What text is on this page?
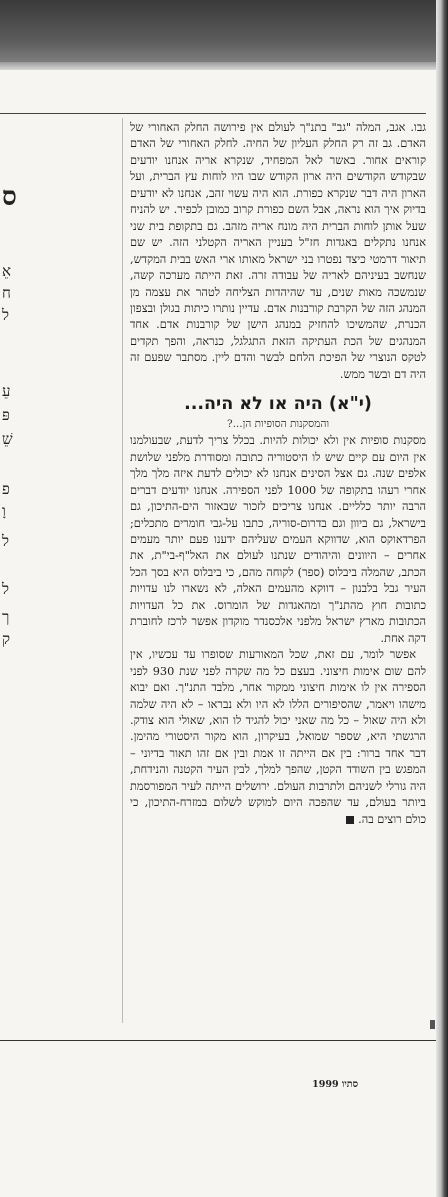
ס
אֵ
ח
ל
עֵ
פּ
שֵׁ
פ
וָ
ל
ל
ך
ק

גבו. אגב, המלה "גב" בתנ"ך לעולם אין פירושה החלק האחורי של האדם. גב זה רק החלק העליון של החיה. לחלק האחורי של האדם קוראים אחור. באשר לאל המפחיד, שנקרא אריה אנחנו יודעים שבקודש הקודשים היה ארון הקודש שבו היו לוחות עץ הברית, ועל הארון היה דבר שנקרא כפורת. הוא היה עשוי זהב, אנחנו לא יודעים בדיוק איך הוא נראה, אבל השם כפורת קרוב כמובן לכפיר. יש להניח שעל אותן לוחות הברית היה מונח אריה מזהב. גם בתקופת בית שני אנחנו נתקלים באגדות חז"ל בעניין האריה הקטלני הזה. יש שם תיאור דרמטי כיצד נפטרו בני ישראל מאותו ארי האש בבית המקדש, שנחשב בעיניהם לאריה של עבודה זרה. זאת הייתה מערכה קשה, שנמשכה מאות שנים, עד שהיהדות הצליחה לטהר את עצמה מן המנהג הזה של הקרבת קורבנות אדם. עדיין נותרו כיתות בגולן ובצפון הכנרת, שהמשיכו להחזיק במנהג הישן של קורבנות אדם. אחד המנהגים של הכת העתיקה הזאת התגלגל, כנראה, והפך תקדים לטקס הנוצרי של הפיכת הלחם לבשר והדם ליין. מסתבר שפעם זה היה דם ובשר ממש.

(י"א) היה או לא היה...
והמסקנות הסופיות הן...?

מסקנות סופיות אין ולא יכולות להיות. בכלל צריך לדעת, שבעולמנו אין היום עם קיים שיש לו היסטוריה כתובה ומסודרת מלפני שלושת אלפים שנה. גם אצל הסינים אנחנו לא יכולים לדעת איזה מלך מלך אחרי רעהו בתקופה של 1000 לפני הספירה. אנחנו יודעים דברים הרבה יותר כלליים. אנחנו צריכים לזכור שבאזור הים-התיכון, גם בישראל, גם ביוון וגם בדרום-סוריה, כתבו על-גבי חומרים מתכלים; הפרדאוקס הוא, שדווקא העמים שעליהם ידענו פעם יותר מעמים אחרים – היוונים והיהודים שנתנו לעולם את האל"ף-בי"ת, את הכתב, שהמלה ביבלוס (ספר) לקוחה מהם, כי ביבלוס היא בסך הכל העיר גבל בלבנון – דווקא מהעמים האלה, לא נשארו לנו עדויות כתובות חוץ מהתנ"ך ומהאגדות של הומרוס. את כל העדויות הכתובות מארץ ישראל מלפני אלכסנדר מוקדון אפשר לרכז לחוברת דקה אחת.

אפשר לומר, עם זאת, שכל המאורעות שסופרו עד עכשיו, אין להם שום אימות חיצוני. בעצם כל מה שקרה לפני שנת 930 לפני הספירה אין לו אימות חיצוני ממקור אחר, מלבד התנ"ך. ואם יבוא מישהו ויאמר, שהסיפורים הללו לא היו ולא נבראו – לא היה שלמה ולא היה שאול – כל מה שאני יכול להגיד לו הוא, שאולי הוא צודק. הרגשתי היא, שספר שמואל, בעיקרון, הוא מקור היסטורי מהימן. דבר אחד ברור: בין אם הייתה זו אמת ובין אם זהו תאור בדיוני – המפגש בין השודד הקטן, שהפך למלך, לבין העיר הקטנה והנידחת, היה גורלי לשניהם ולתרבות העולם. ירושלים הייתה לעיר המפורסמת ביותר בעולם, עד שהפכה היום למוקש לשלום במזרח-התיכון, כי כולם רוצים בה.

סתיו 1999
